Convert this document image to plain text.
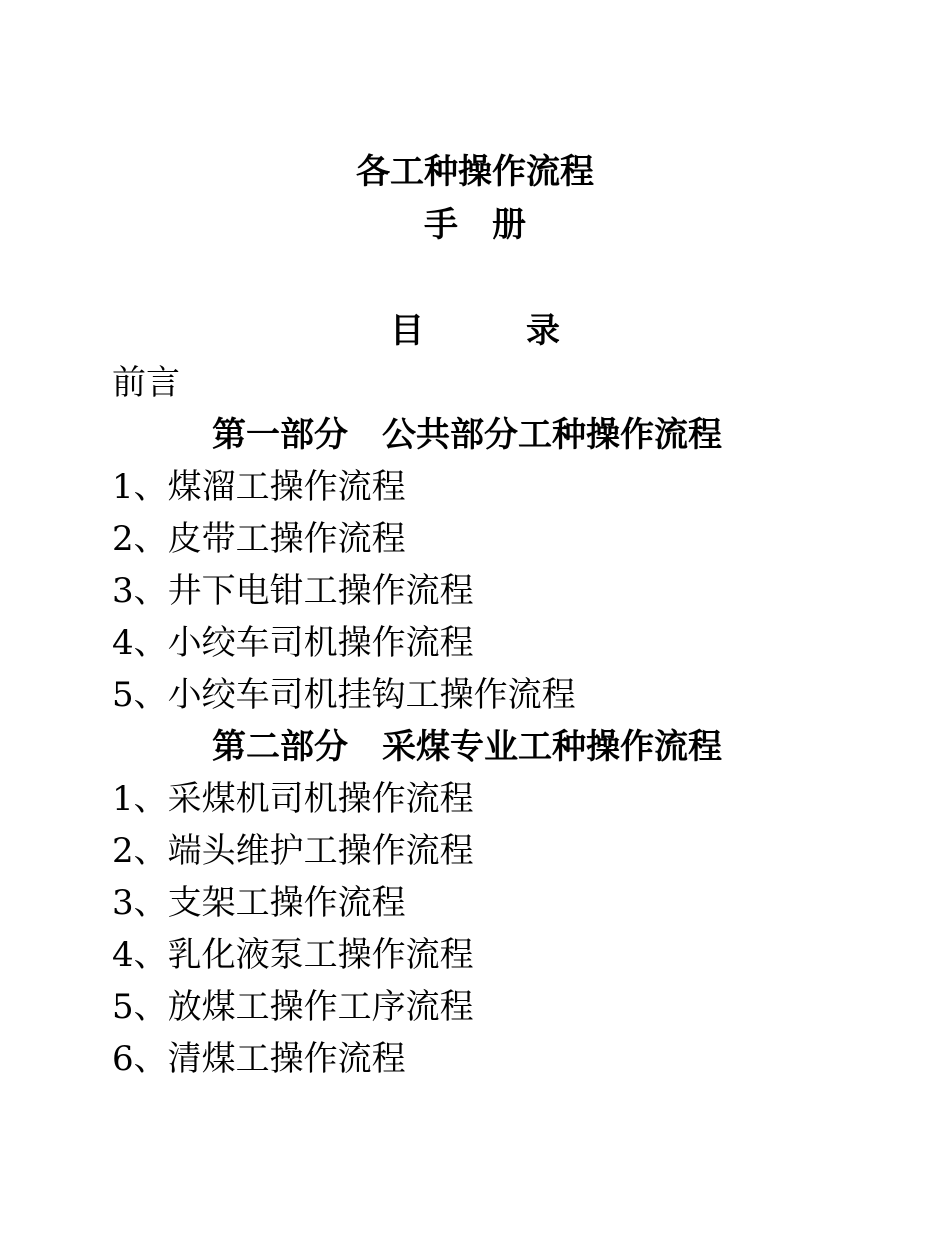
各工种操作流程
手　册
目　　　录
前言
第一部分　公共部分工种操作流程
1、煤溜工操作流程
2、皮带工操作流程
3、井下电钳工操作流程
4、小绞车司机操作流程
5、小绞车司机挂钩工操作流程
第二部分　采煤专业工种操作流程
1、采煤机司机操作流程
2、端头维护工操作流程
3、支架工操作流程
4、乳化液泵工操作流程
5、放煤工操作工序流程
6、清煤工操作流程
